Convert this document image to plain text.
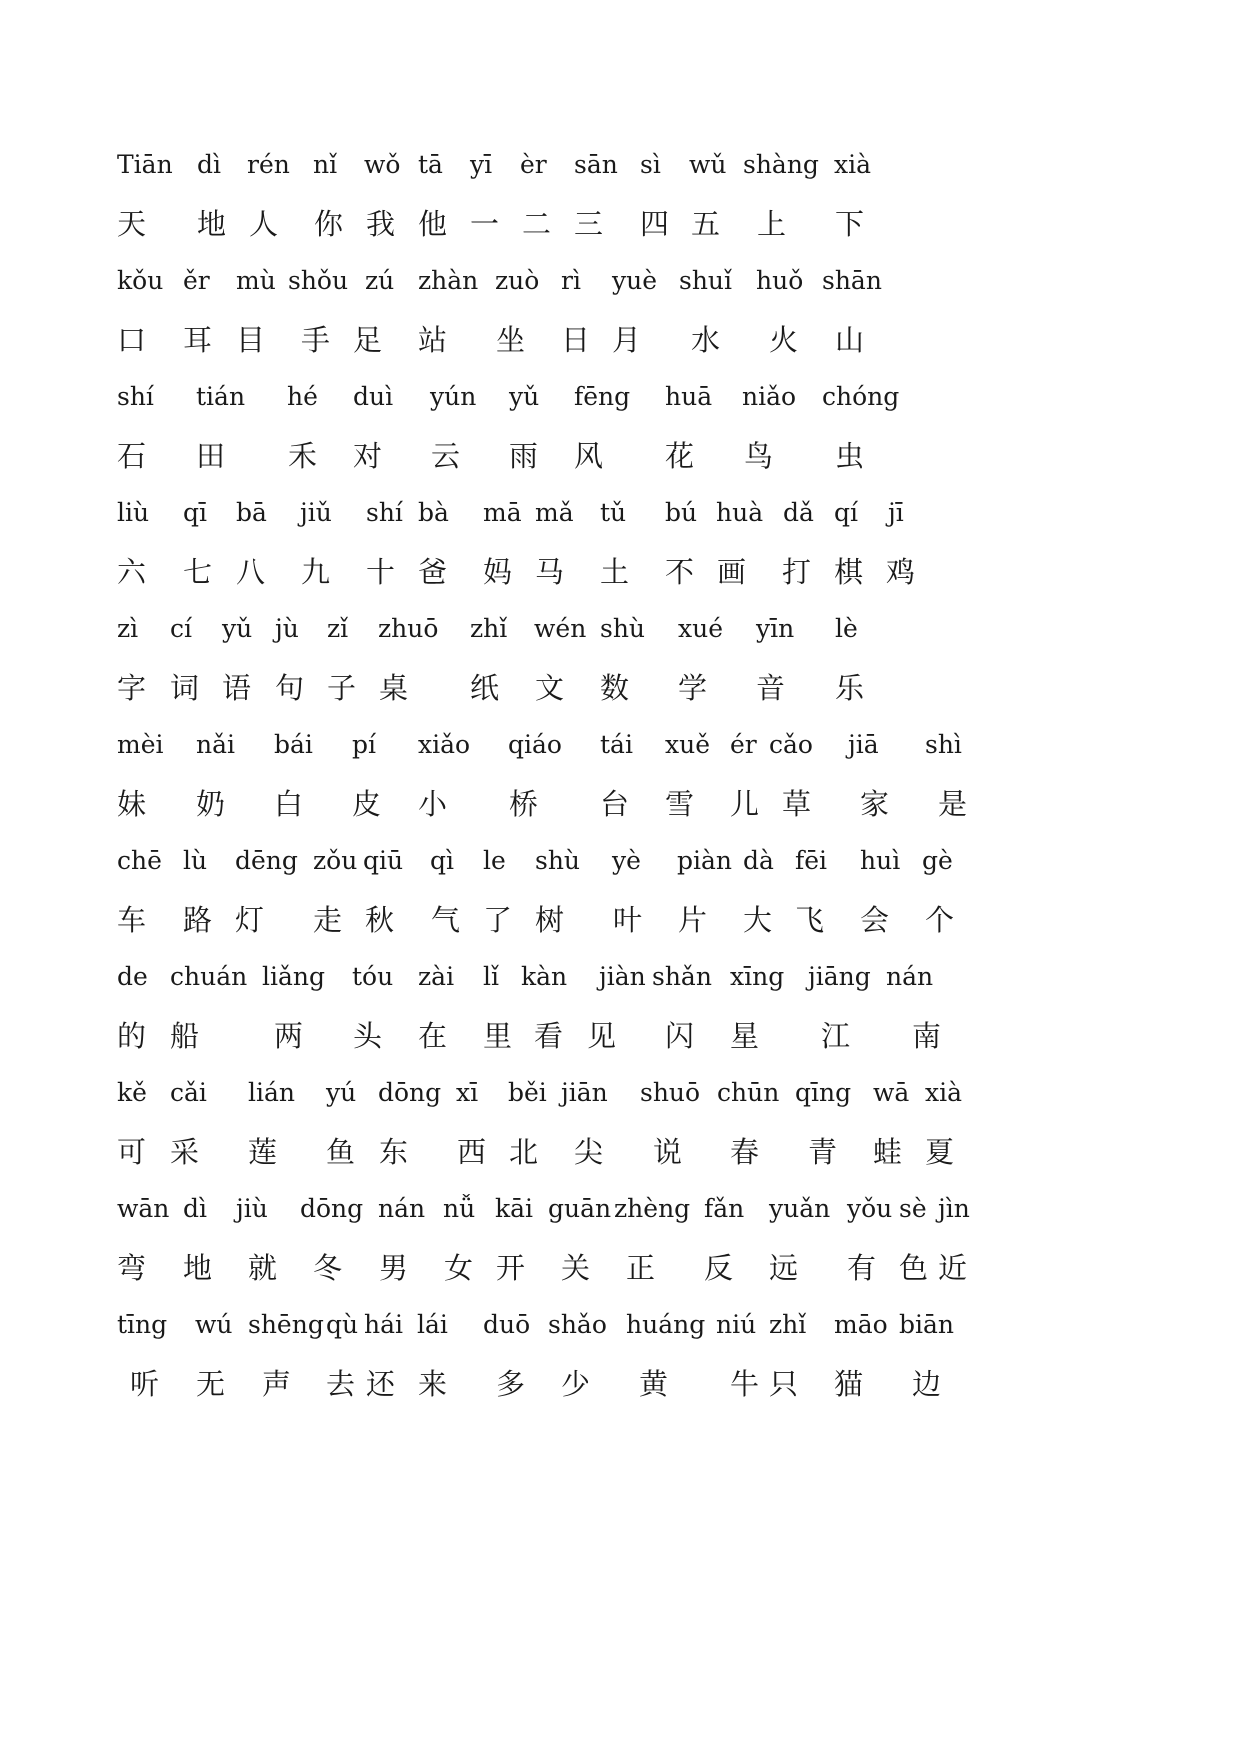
Tiān dì rén nǐ wǒ tā yī èr sān sì wǔ shàng xià
天 地 人 你 我 他 一 二 三 四 五 上 下
kǒu ěr mù shǒu zú zhàn zuò rì yuè shuǐ huǒ shān
口 耳 目 手 足 站 坐 日 月 水 火 山
shí tián hé duì yún yǔ fēng huā niǎo chóng
石 田 禾 对 云 雨 风 花 鸟 虫
liù qī bā jiǔ shí bà mā mǎ tǔ bú huà dǎ qí jī
六 七 八 九 十 爸 妈 马 土 不 画 打 棋 鸡
zì cí yǔ jù zǐ zhuō zhǐ wén shù xué yīn lè
字 词 语 句 子 桌 纸 文 数 学 音 乐
mèi nǎi bái pí xiǎo qiáo tái xuě ér cǎo jiā shì
妹 奶 白 皮 小 桥 台 雪 儿 草 家 是
chē lù dēng zǒu qiū qì le shù yè piàn dà fēi huì gè
车 路 灯 走 秋 气 了 树 叶 片 大 飞 会 个
de chuán liǎng tóu zài lǐ kàn jiàn shǎn xīng jiāng nán
的 船	两 头 在 里 看 见 闪 星 江 南
kě cǎi lián yú dōng xī běi jiān shuō chūn qīng wā xià
可 采 莲 鱼 东 西 北 尖 说 春 青 蛙 夏
wān dì jiù dōng nán nǚ kāi guān zhèng fǎn yuǎn yǒu sè jìn
弯 地 就 冬 男 女 开 关 正 反 远 有 色 近
tīng wú shēng qù hái lái duō shǎo huáng niú zhǐ māo biān
听 无 声 去 还 来 多 少 黄 牛 只 猫 边
